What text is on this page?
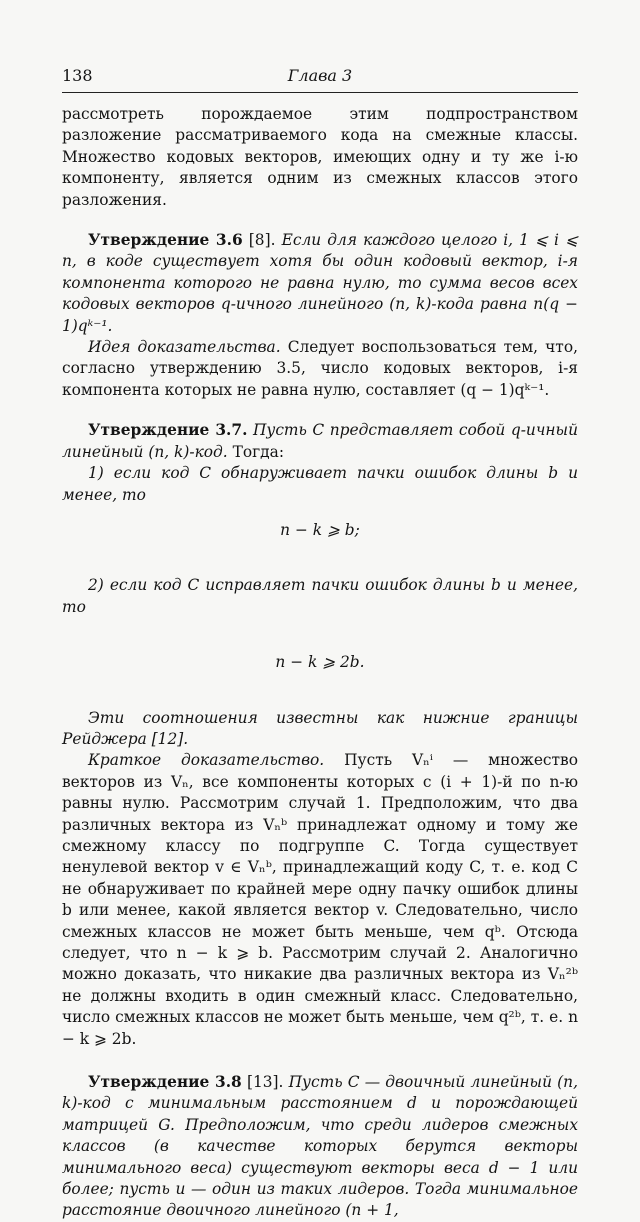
138	Глава 3

рассмотреть порождаемое этим подпространством разложение рассматриваемого кода на смежные классы. Множество кодовых векторов, имеющих одну и ту же i-ю компоненту, является одним из смежных классов этого разложения.

Утверждение 3.6 [8]. Если для каждого целого i, 1 ⩽ i ⩽ n, в коде существует хотя бы один кодовый вектор, i-я компонента которого не равна нулю, то сумма весов всех кодовых векторов q-ичного линейного (n, k)-кода равна n(q − 1)qᵏ⁻¹.

Идея доказательства. Следует воспользоваться тем, что, согласно утверждению 3.5, число кодовых векторов, i-я компонента которых не равна нулю, составляет (q − 1)qᵏ⁻¹.

Утверждение 3.7. Пусть C представляет собой q-ичный линейный (n, k)-код. Тогда:

1) если код C обнаруживает пачки ошибок длины b и менее, то

n − k ⩾ b;

2) если код C исправляет пачки ошибок длины b и менее, то

n − k ⩾ 2b.

Эти соотношения известны как нижние границы Рейджера [12].

Краткое доказательство. Пусть Vₙⁱ — множество векторов из Vₙ, все компоненты которых с (i + 1)-й по n-ю равны нулю. Рассмотрим случай 1. Предположим, что два различных вектора из Vₙᵇ принадлежат одному и тому же смежному классу по подгруппе C. Тогда существует ненулевой вектор v ∈ Vₙᵇ, принадлежащий коду C, т. е. код C не обнаруживает по крайней мере одну пачку ошибок длины b или менее, какой является вектор v. Следовательно, число смежных классов не может быть меньше, чем qᵇ. Отсюда следует, что n − k ⩾ b. Рассмотрим случай 2. Аналогично можно доказать, что никакие два различных вектора из Vₙ²ᵇ не должны входить в один смежный класс. Следовательно, число смежных классов не может быть меньше, чем q²ᵇ, т. е. n − k ⩾ 2b.

Утверждение 3.8 [13]. Пусть C — двоичный линейный (n, k)-код с минимальным расстоянием d и порождающей матрицей G. Предположим, что среди лидеров смежных классов (в качестве которых берутся векторы минимального веса) существуют векторы веса d − 1 или более; пусть u — один из таких лидеров. Тогда минимальное расстояние двоичного линейного (n + 1,
